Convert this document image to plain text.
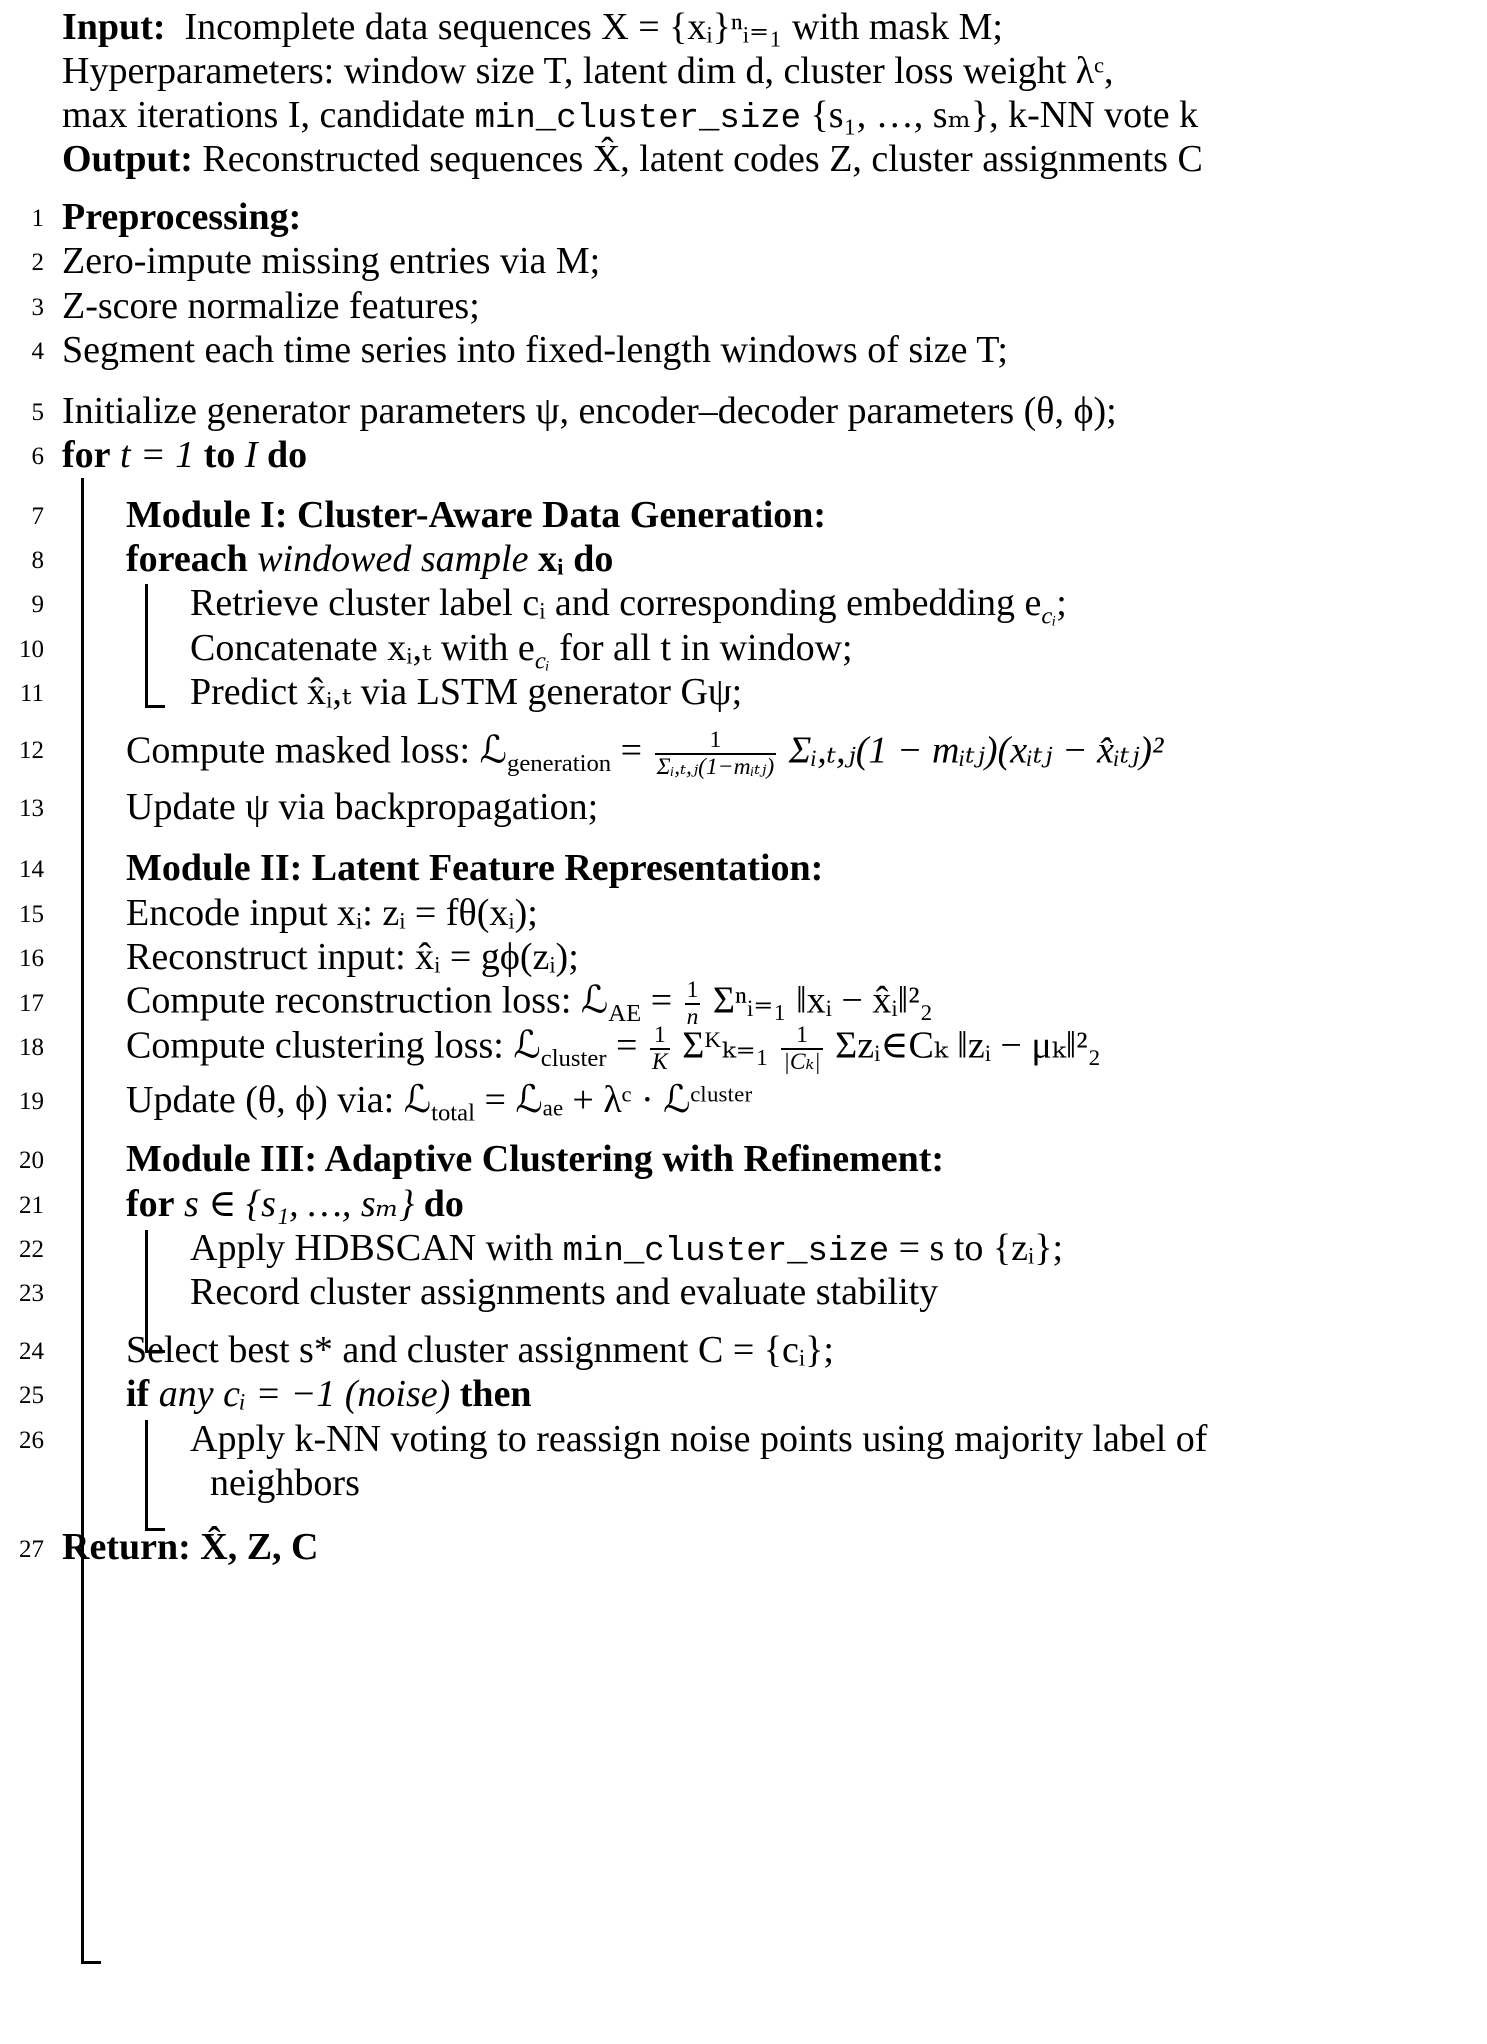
Input: Incomplete data sequences X = {xᵢ}ⁿᵢ₌₁ with mask M;
Hyperparameters: window size T, latent dim d, cluster loss weight λᶜ,
max iterations I, candidate min_cluster_size {s₁, …, sₘ}, k-NN vote k
Output: Reconstructed sequences X̂, latent codes Z, cluster assignments C
1
2
3
4
5
6
7
8
9
10
11
12
13
14
15
16
17
18
19
20
21
22
23
24
25
26
27
Preprocessing:
Zero-impute missing entries via M;
Z-score normalize features;
Segment each time series into fixed-length windows of size T;
Initialize generator parameters ψ, encoder–decoder parameters (θ, ϕ);
for t = 1 to I do
Module I: Cluster-Aware Data Generation:
foreach windowed sample xᵢ do
Retrieve cluster label cᵢ and corresponding embedding $e_{cᵢ}$;
Concatenate xᵢ,ₜ with $e_{cᵢ}$ for all t in window;
Predict x̂ᵢ,ₜ via LSTM generator Gψ;
Compute masked loss: ℒ$_{generation}$ = $\frac{1}{\text{Σᵢ,ₜ,ⱼ(1−mᵢₜⱼ)}}$ Σᵢ,ₜ,ⱼ(1 − mᵢₜⱼ)(xᵢₜⱼ − x̂ᵢₜⱼ)²
Update ψ via backpropagation;
Module II: Latent Feature Representation:
Encode input xᵢ: zᵢ = fθ(xᵢ);
Reconstruct input: x̂ᵢ = gϕ(zᵢ);
Compute reconstruction loss: ℒ$_{AE}$ = $\frac{1}{n}$ Σⁿᵢ₌₁ ‖xᵢ − x̂ᵢ‖²₂
Compute clustering loss: ℒ$_{cluster}$ = $\frac{1}{K}$ Σᴷₖ₌₁ $\frac{1}{\text{|Cₖ|}}$ Σzᵢ∈Cₖ ‖zᵢ − μₖ‖²₂
Update (θ, ϕ) via: ℒ$_{total}$ = ℒₐₑ + λᶜ · ℒᶜˡᵘˢᵗᵉʳ
Module III: Adaptive Clustering with Refinement:
for s ∈ {s₁, …, sₘ} do
Apply HDBSCAN with min_cluster_size = s to {zᵢ};
Record cluster assignments and evaluate stability
Select best s* and cluster assignment C = {cᵢ};
if any cᵢ = −1 (noise) then
Apply k-NN voting to reassign noise points using majority label of
neighbors
Return: X̂, Z, C
